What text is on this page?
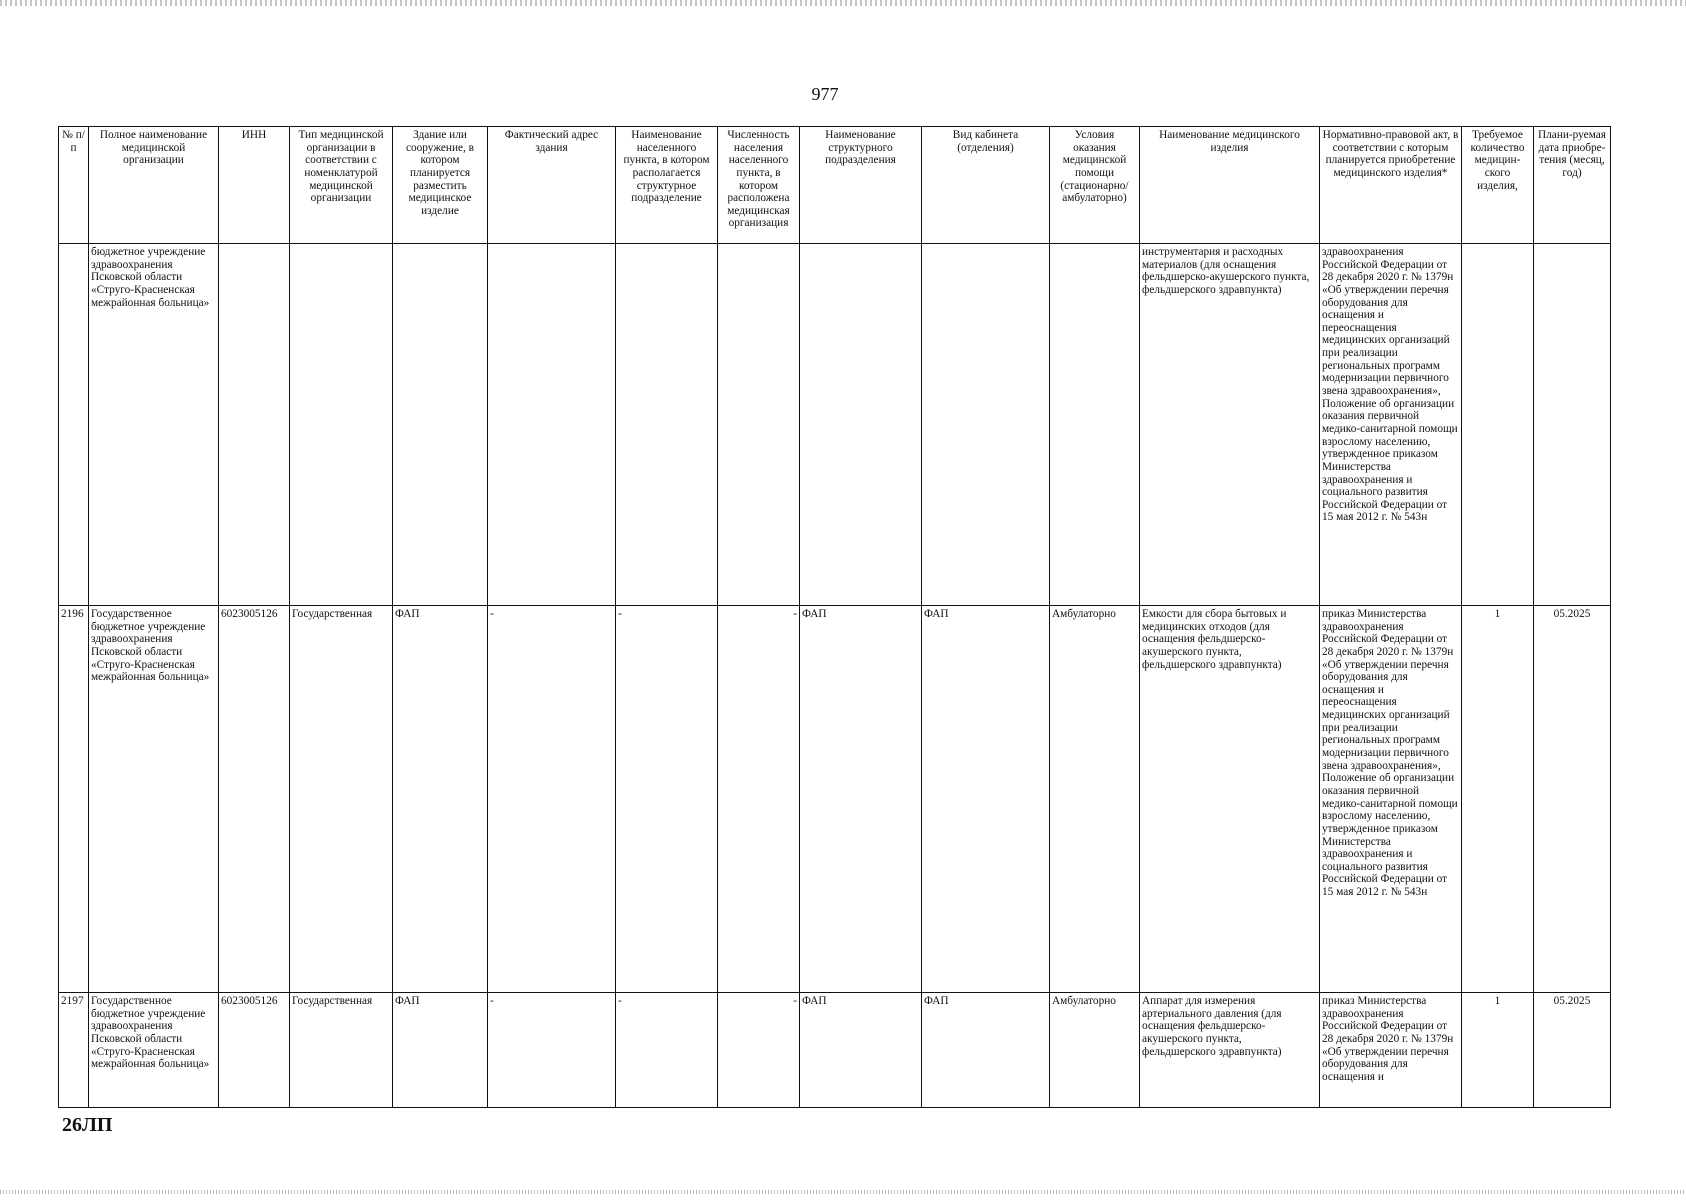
977
№ п/п	Полное наименование медицинской организации	ИНН	Тип медицинской организации в соответствии с номенклатурой медицинской организации	Здание или сооружение, в котором планируется разместить медицинское изделие	Фактический адрес здания	Наименование населенного пункта, в котором располагается структурное подразделение	Численность населения населенного пункта, в котором расположена медицинская организация	Наименование структурного подразделения	Вид кабинета (отделения)	Условия оказания медицинской помощи (стационарно/ амбулаторно)	Наименование медицинского изделия	Нормативно-правовой акт, в соответствии с которым планируется приобретение медицинского изделия*	Требуемое количество медицин-ского изделия,	Плани-руемая дата приобре-тения (месяц, год)
	бюджетное учреждение здравоохранения Псковской области «Струго-Красненская межрайонная больница»										инструментария и расходных материалов (для оснащения фельдшерско-акушерского пункта, фельдшерского здравпункта)	здравоохранения Российской Федерации от 28 декабря 2020 г. № 1379н «Об утверждении перечня оборудования для оснащения и переоснащения медицинских организаций при реализации региональных программ модернизации первичного звена здравоохранения», Положение об организации оказания первичной медико-санитарной помощи взрослому населению, утвержденное приказом Министерства здравоохранения и социального развития Российской Федерации от 15 мая 2012 г. № 543н		
2196	Государственное бюджетное учреждение здравоохранения Псковской области «Струго-Красненская межрайонная больница»	6023005126	Государственная	ФАП	-	-	-	ФАП	ФАП	Амбулаторно	Емкости для сбора бытовых и медицинских отходов (для оснащения фельдшерско-акушерского пункта, фельдшерского здравпункта)	приказ Министерства здравоохранения Российской Федерации от 28 декабря 2020 г. № 1379н «Об утверждении перечня оборудования для оснащения и переоснащения медицинских организаций при реализации региональных программ модернизации первичного звена здравоохранения», Положение об организации оказания первичной медико-санитарной помощи взрослому населению, утвержденное приказом Министерства здравоохранения и социального развития Российской Федерации от 15 мая 2012 г. № 543н	1	05.2025
2197	Государственное бюджетное учреждение здравоохранения Псковской области «Струго-Красненская межрайонная больница»	6023005126	Государственная	ФАП	-	-	-	ФАП	ФАП	Амбулаторно	Аппарат для измерения артериального давления (для оснащения фельдшерско-акушерского пункта, фельдшерского здравпункта)	приказ Министерства здравоохранения Российской Федерации от 28 декабря 2020 г. № 1379н «Об утверждении перечня оборудования для оснащения и	1	05.2025
26ЛП
